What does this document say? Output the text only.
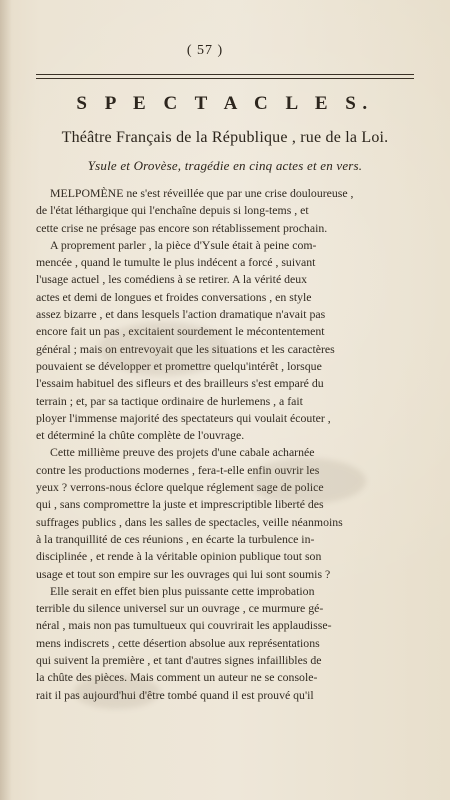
( 57 )
S P E C T A C L E S.
Théâtre Français de la République , rue de la Loi.
Ysule et Orovèse, tragédie en cinq actes et en vers.
MELPOMÈNE ne s'est réveillée que par une crise douloureuse ,
de l'état léthargique qui l'enchaîne depuis si long-tems , et
cette crise ne présage pas encore son rétablissement prochain.
A proprement parler , la pièce d'Ysule était à peine com-
mencée , quand le tumulte le plus indécent a forcé , suivant
l'usage actuel , les comédiens à se retirer. A la vérité deux
actes et demi de longues et froides conversations , en style
assez bizarre , et dans lesquels l'action dramatique n'avait pas
encore fait un pas , excitaient sourdement le mécontentement
général ; mais on entrevoyait que les situations et les caractères
pouvaient se développer et promettre quelqu'intérêt , lorsque
l'essaim habituel des sifleurs et des brailleurs s'est emparé du
terrain ; et, par sa tactique ordinaire de hurlemens , a fait
ployer l'immense majorité des spectateurs qui voulait écouter ,
et déterminé la chûte complète de l'ouvrage.
Cette millième preuve des projets d'une cabale acharnée
contre les productions modernes , fera-t-elle enfin ouvrir les
yeux ? verrons-nous éclore quelque réglement sage de police
qui , sans compromettre la juste et imprescriptible liberté des
suffrages publics , dans les salles de spectacles, veille néanmoins
à la tranquillité de ces réunions , en écarte la turbulence in-
disciplinée , et rende à la véritable opinion publique tout son
usage et tout son empire sur les ouvrages qui lui sont soumis ?
Elle serait en effet bien plus puissante cette improbation
terrible du silence universel sur un ouvrage , ce murmure gé-
néral , mais non pas tumultueux qui couvrirait les applaudisse-
mens indiscrets , cette désertion absolue aux représentations
qui suivent la première , et tant d'autres signes infaillibles de
la chûte des pièces. Mais comment un auteur ne se console-
rait il pas aujourd'hui d'être tombé quand il est prouvé qu'il
